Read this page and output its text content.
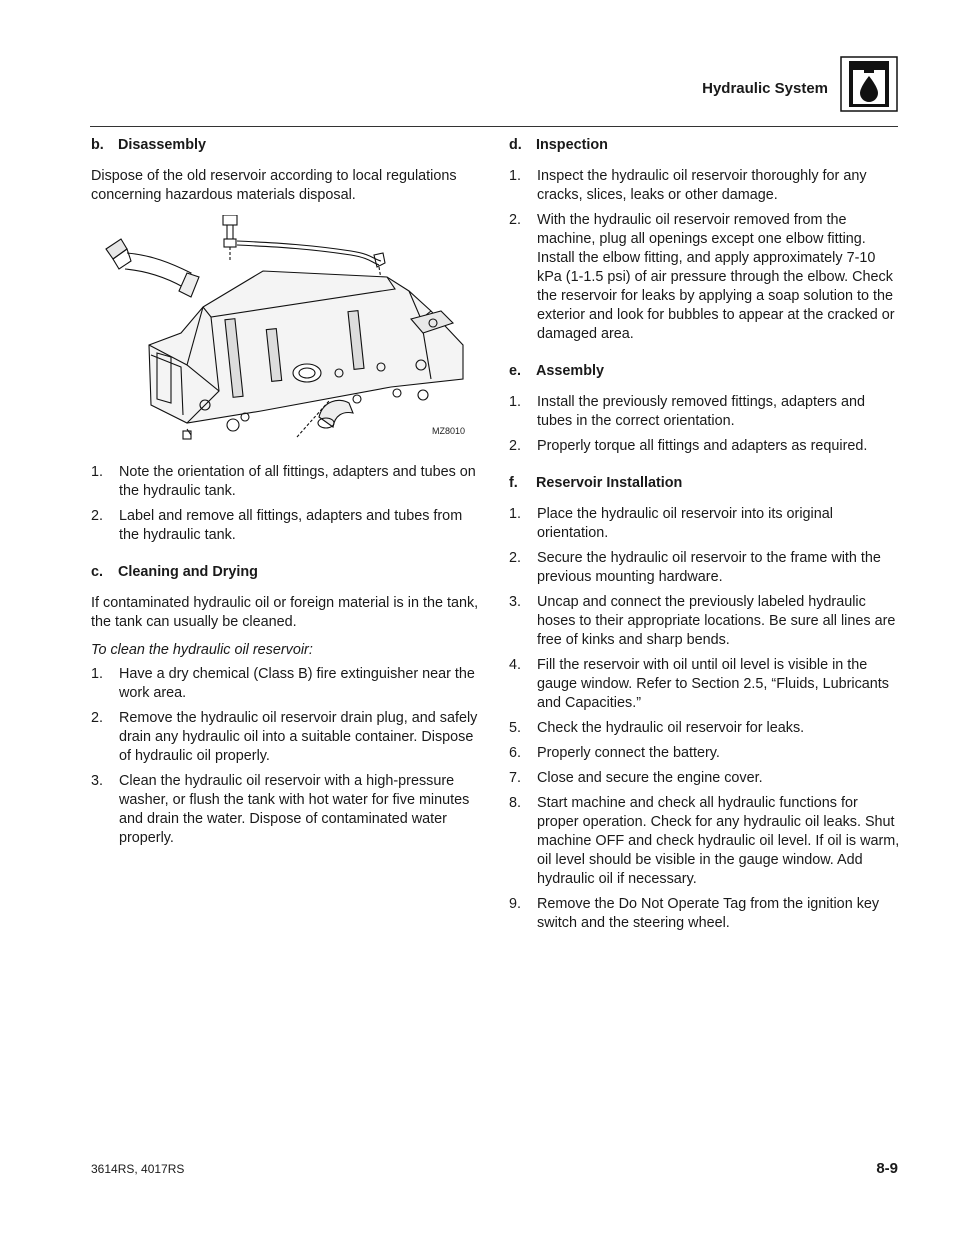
Hydraulic System
b. Disassembly

Dispose of the old reservoir according to local regulations concerning hazardous materials disposal.

MZ8010
1.	Note the orientation of all fittings, adapters and tubes on the hydraulic tank.
2.	Label and remove all fittings, adapters and tubes from the hydraulic tank.
c.	Cleaning and Drying

If contaminated hydraulic oil or foreign material is in the tank, the tank can usually be cleaned.

To clean the hydraulic oil reservoir:

1.	Have a dry chemical (Class B) fire extinguisher near the work area.
2.	Remove the hydraulic oil reservoir drain plug, and safely drain any hydraulic oil into a suitable container. Dispose of hydraulic oil properly.
3.	Clean the hydraulic oil reservoir with a high-pressure washer, or flush the tank with hot water for five minutes and drain the water. Dispose of contaminated water properly.
d. Inspection
1.	Inspect the hydraulic oil reservoir thoroughly for any cracks, slices, leaks or other damage.
2.	With the hydraulic oil reservoir removed from the machine, plug all openings except one elbow fitting. Install the elbow fitting, and apply approximately 7-10 kPa (1-1.5 psi) of air pressure through the elbow. Check the reservoir for leaks by applying a soap solution to the exterior and look for bubbles to appear at the cracked or damaged area.
e.	Assembly
1.	Install the previously removed fittings, adapters and tubes in the correct orientation.
2.	Properly torque all fittings and adapters as required.
f.	Reservoir Installation
1.	Place the hydraulic oil reservoir into its original orientation.
2.	Secure the hydraulic oil reservoir to the frame with the previous mounting hardware.
3.	Uncap and connect the previously labeled hydraulic hoses to their appropriate locations. Be sure all lines are free of kinks and sharp bends.
4.	Fill the reservoir with oil until oil level is visible in the gauge window. Refer to Section 2.5, “Fluids, Lubricants and Capacities.”
5.	Check the hydraulic oil reservoir for leaks.
6.	Properly connect the battery.
7.	Close and secure the engine cover.
8.	Start machine and check all hydraulic functions for proper operation. Check for any hydraulic oil leaks. Shut machine OFF and check hydraulic oil level. If oil is warm, oil level should be visible in the gauge window. Add hydraulic oil if necessary.
9.	Remove the Do Not Operate Tag from the ignition key switch and the steering wheel.
3614RS, 4017RS	8-9
